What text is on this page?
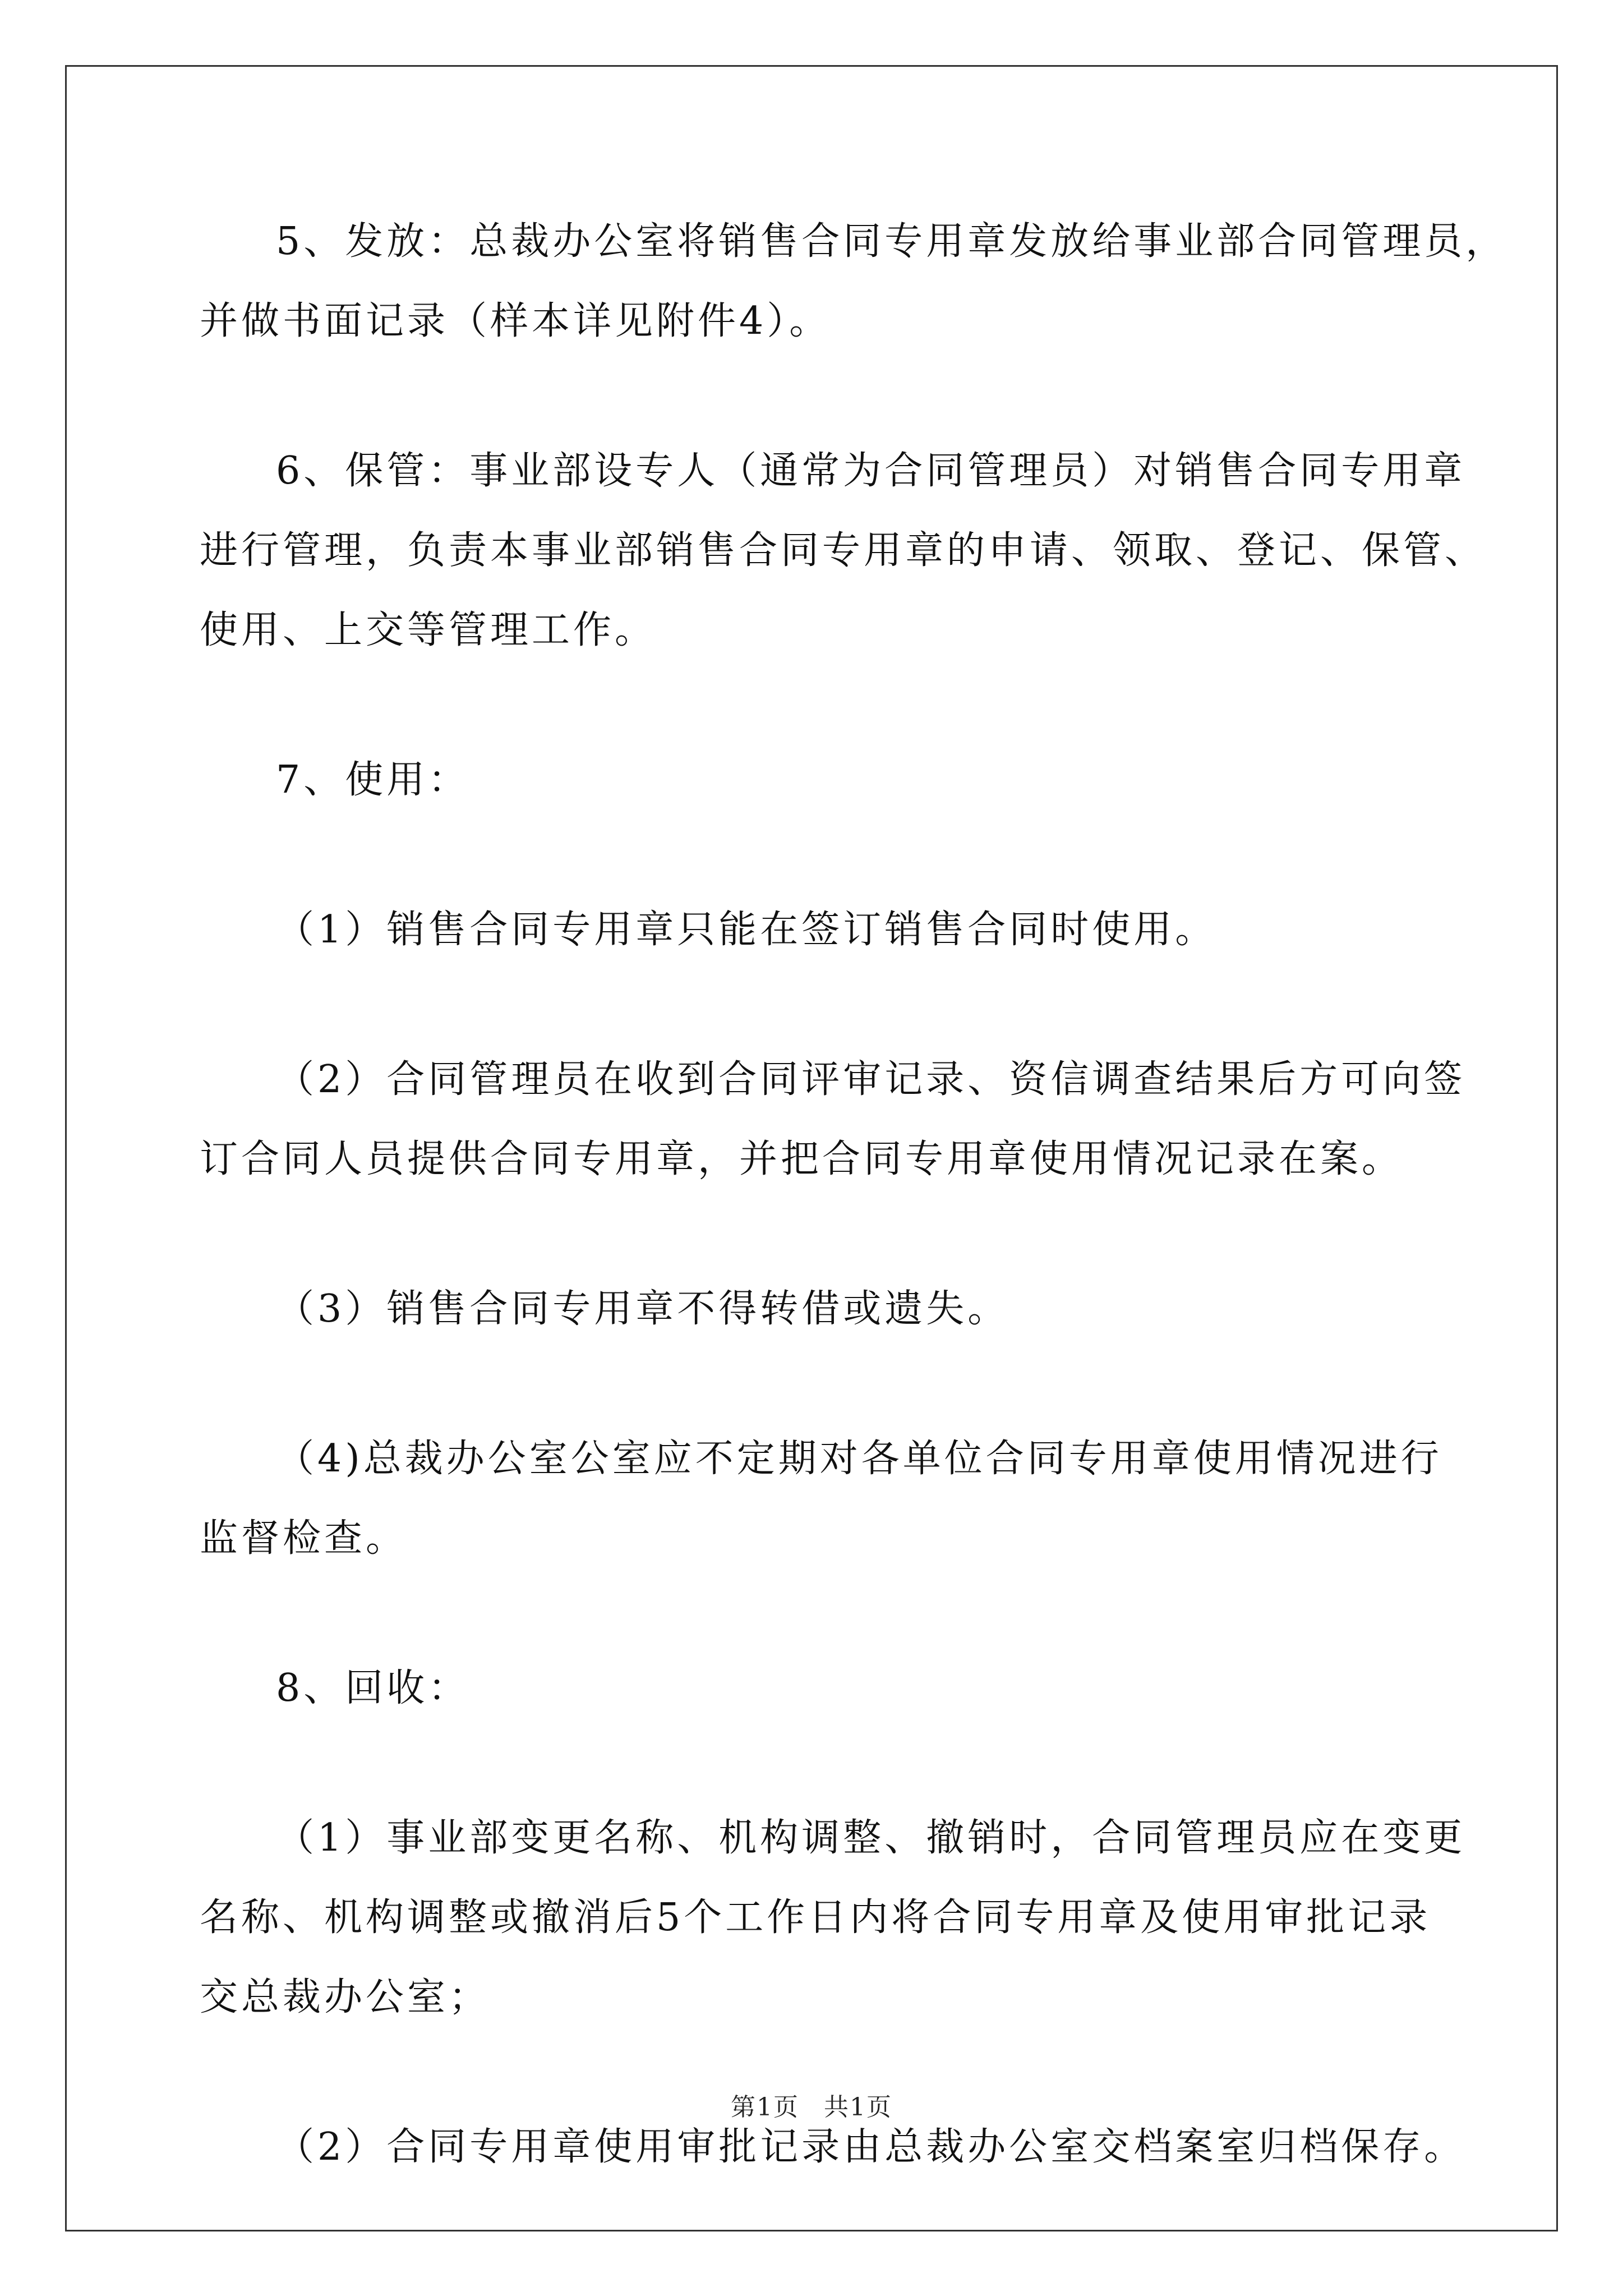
5、发放：总裁办公室将销售合同专用章发放给事业部合同管理员，
并做书面记录（样本详见附件4）。
6、保管：事业部设专人（通常为合同管理员）对销售合同专用章
进行管理，负责本事业部销售合同专用章的申请、领取、登记、保管、
使用、上交等管理工作。
7、使用：
（1）销售合同专用章只能在签订销售合同时使用。
（2）合同管理员在收到合同评审记录、资信调查结果后方可向签
订合同人员提供合同专用章，并把合同专用章使用情况记录在案。
（3）销售合同专用章不得转借或遗失。
（4)总裁办公室公室应不定期对各单位合同专用章使用情况进行
监督检查。
8、回收：
（1）事业部变更名称、机构调整、撤销时，合同管理员应在变更
名称、机构调整或撤消后5个工作日内将合同专用章及使用审批记录
交总裁办公室；
（2）合同专用章使用审批记录由总裁办公室交档案室归档保存。
第1页 共1页
